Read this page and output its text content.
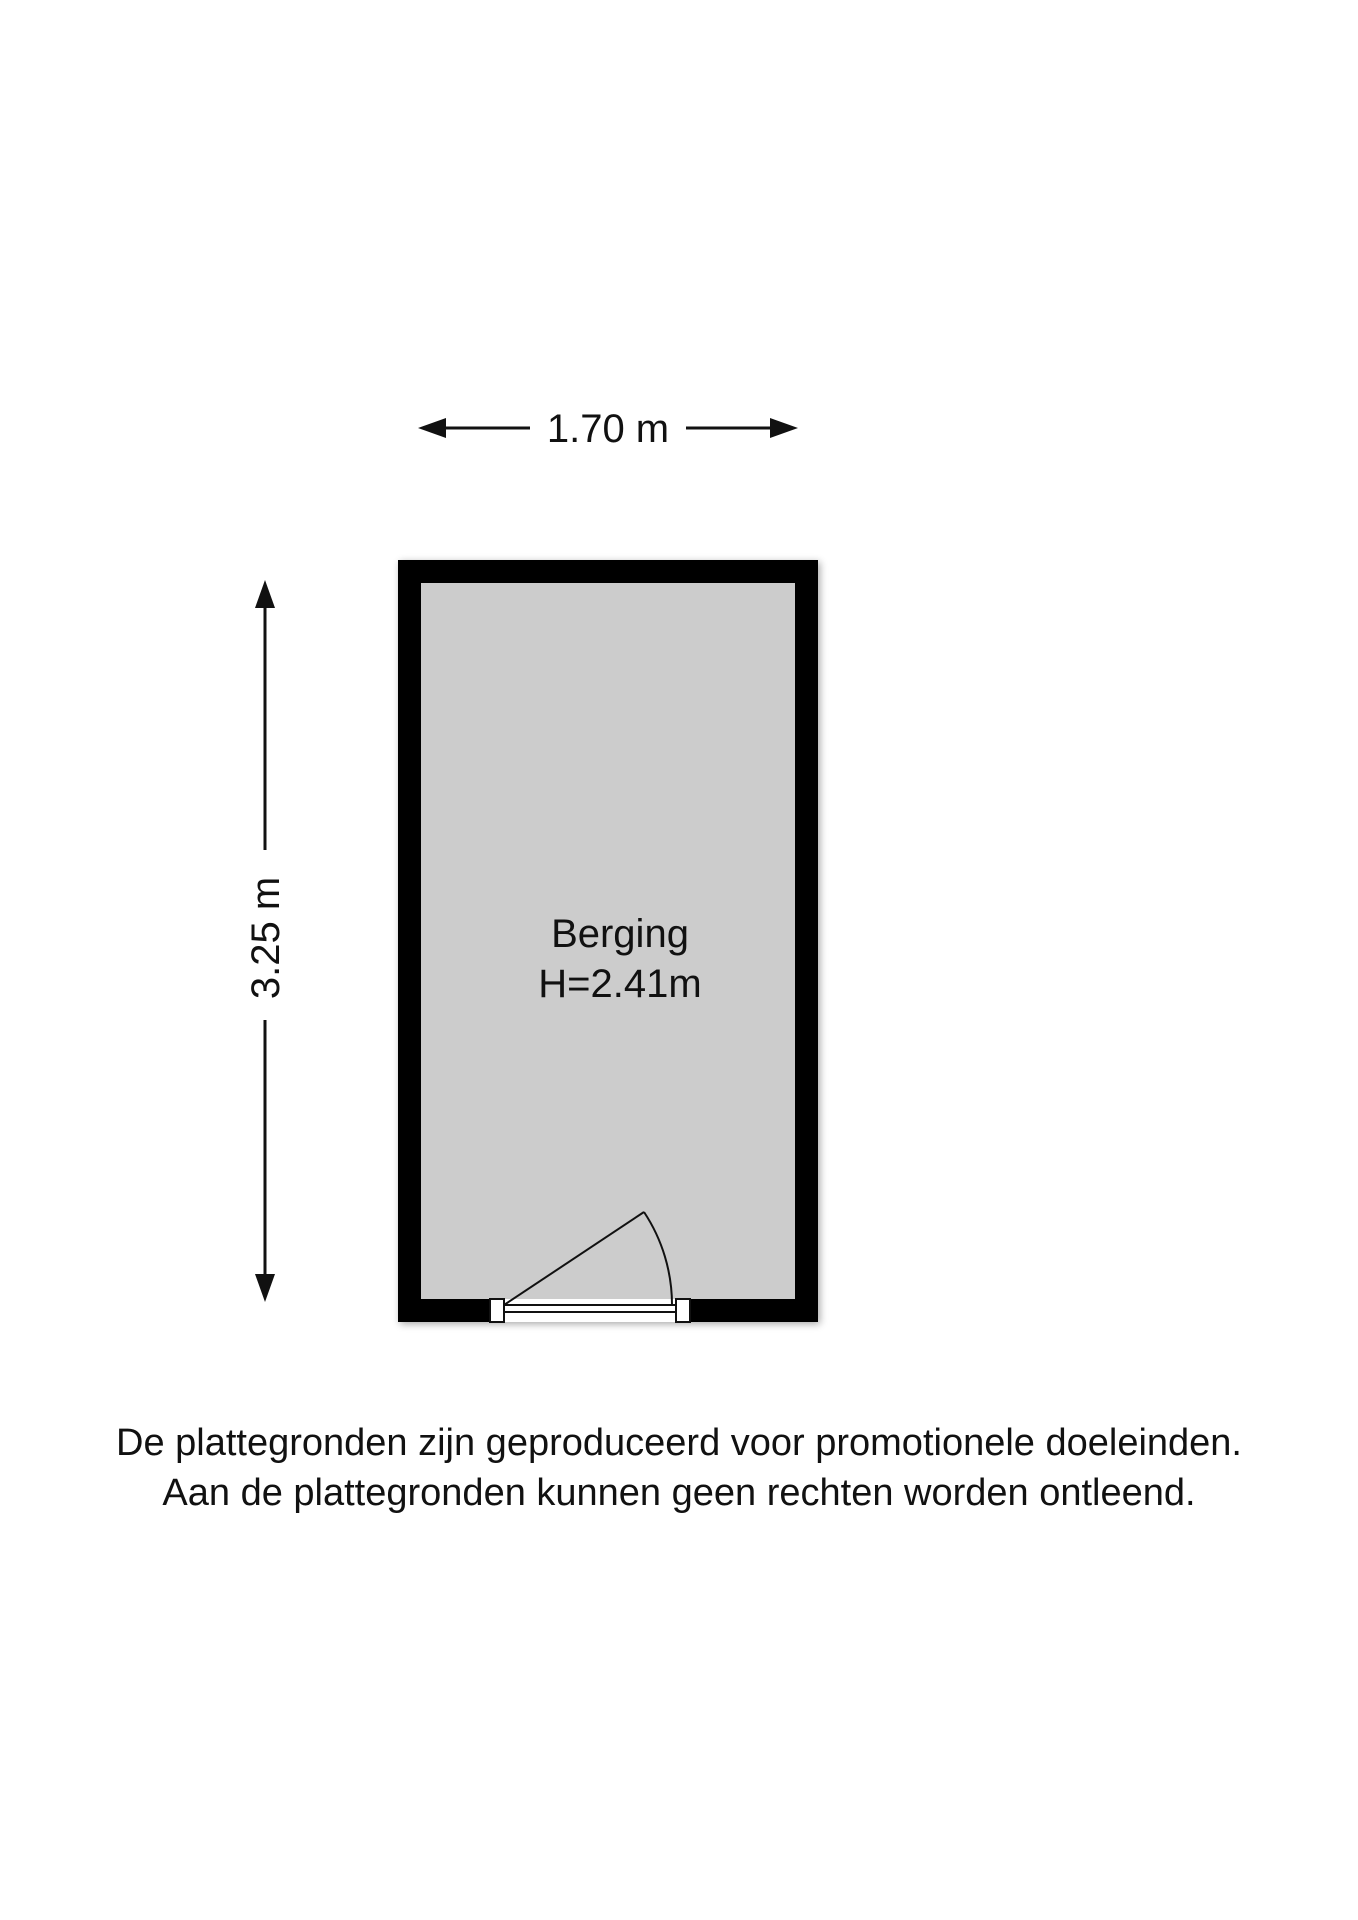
1.70 m
3.25 m	Berging
H=2.41m
De plattegronden zijn geproduceerd voor promotionele doeleinden.
Aan de plattegronden kunnen geen rechten worden ontleend.
